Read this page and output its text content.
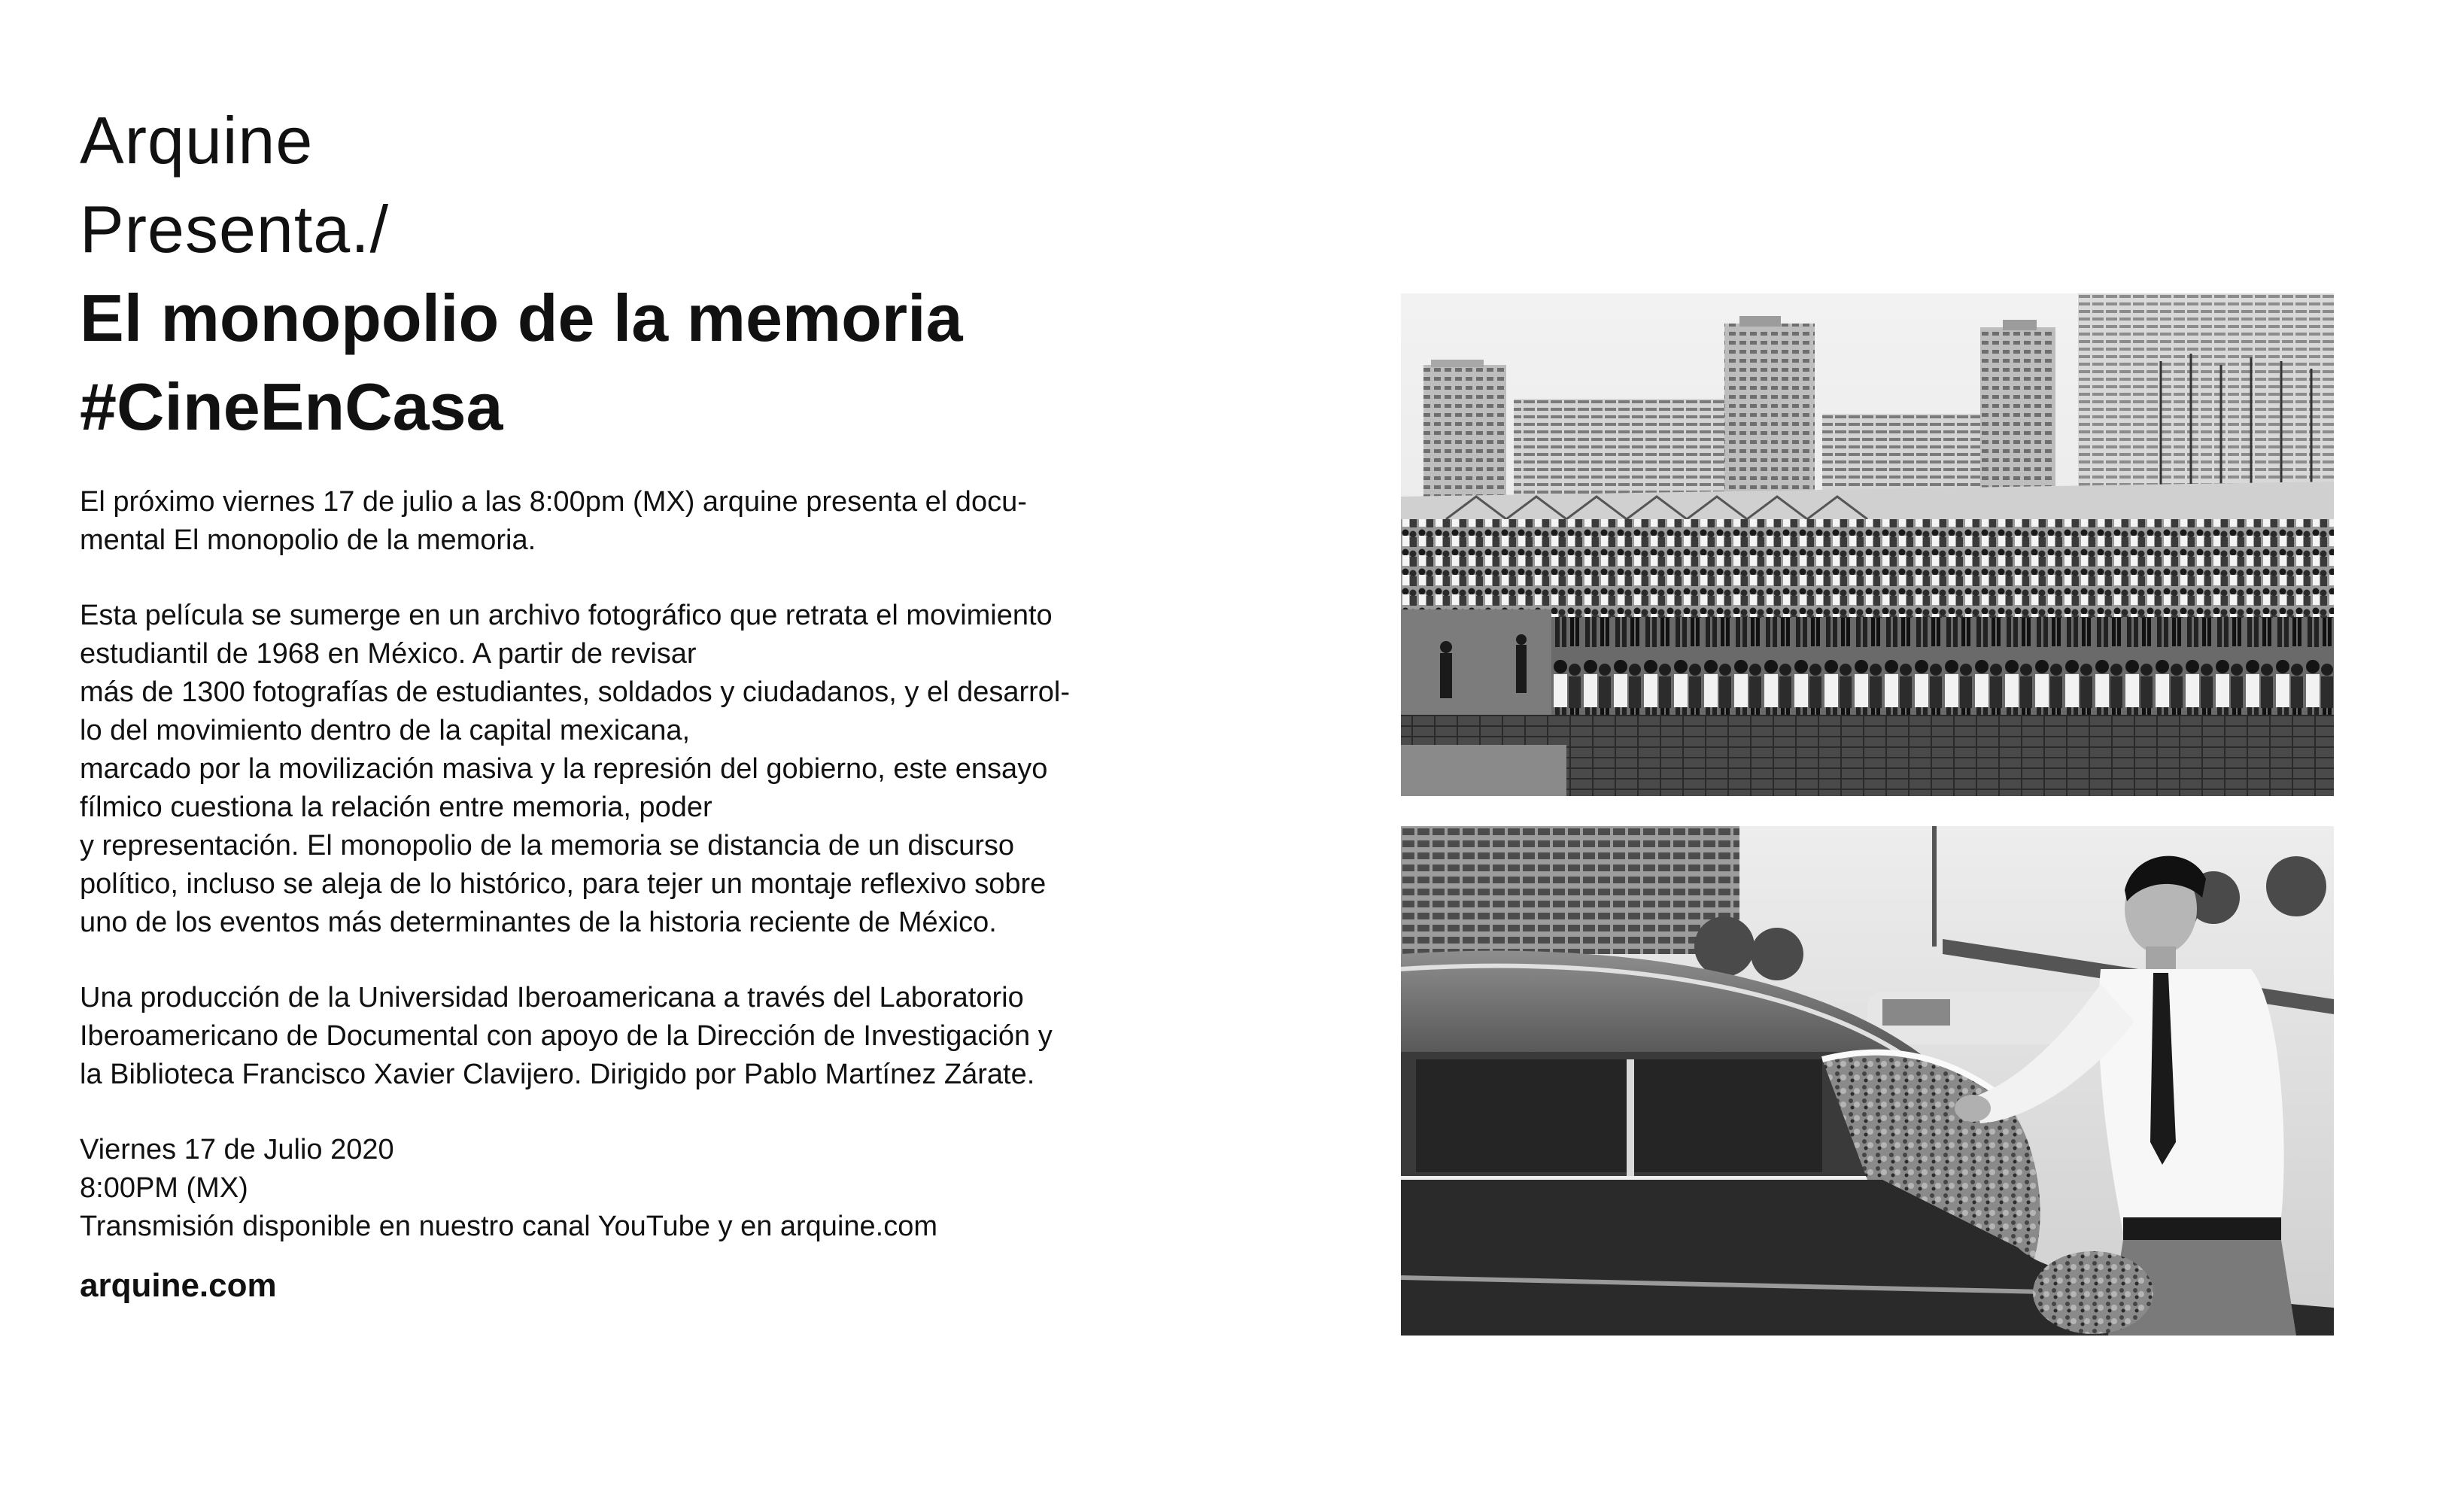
Arquine
Presenta./
El monopolio de la memoria
#CineEnCasa
El próximo viernes 17 de julio a las 8:00pm (MX) arquine presenta el docu-
mental El monopolio de la memoria.
Esta película se sumerge en un archivo fotográfico que retrata el movimiento
estudiantil de 1968 en México. A partir de revisar
más de 1300 fotografías de estudiantes, soldados y ciudadanos, y el desarrol-
lo del movimiento dentro de la capital mexicana,
marcado por la movilización masiva y la represión del gobierno, este ensayo
fílmico cuestiona la relación entre memoria, poder
y representación. El monopolio de la memoria se distancia de un discurso
político, incluso se aleja de lo histórico, para tejer un montaje reflexivo sobre
uno de los eventos más determinantes de la historia reciente de México.
Una producción de la Universidad Iberoamericana a través del Laboratorio
Iberoamericano de Documental con apoyo de la Dirección de Investigación y
la Biblioteca Francisco Xavier Clavijero. Dirigido por Pablo Martínez Zárate.
Viernes 17 de Julio 2020
8:00PM (MX)
Transmisión disponible en nuestro canal YouTube y en arquine.com
arquine.com
